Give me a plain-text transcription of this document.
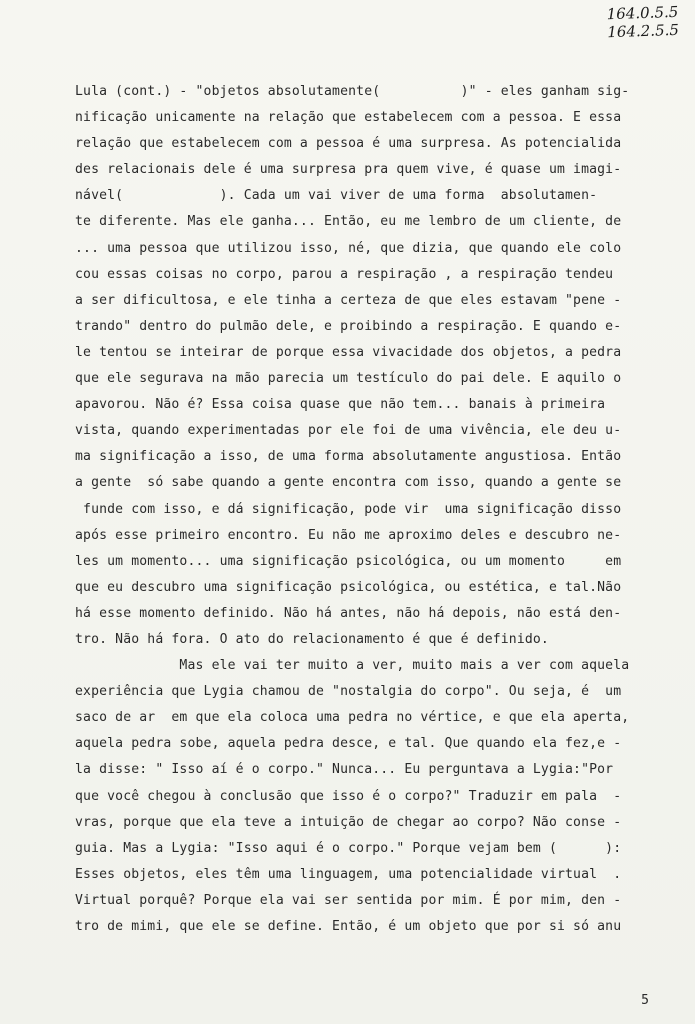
164.0.5.5
164.2.5.5
Lula (cont.) - "objetos absolutamente(          )" - eles ganham sig-
nificação unicamente na relação que estabelecem com a pessoa. E essa
relação que estabelecem com a pessoa é uma surpresa. As potencialida
des relacionais dele é uma surpresa pra quem vive, é quase um imagi-
nável(            ). Cada um vai viver de uma forma  absolutamen-
te diferente. Mas ele ganha... Então, eu me lembro de um cliente, de
... uma pessoa que utilizou isso, né, que dizia, que quando ele colo
cou essas coisas no corpo, parou a respiração , a respiração tendeu
a ser dificultosa, e ele tinha a certeza de que eles estavam "pene -
trando" dentro do pulmão dele, e proibindo a respiração. E quando e-
le tentou se inteirar de porque essa vivacidade dos objetos, a pedra
que ele segurava na mão parecia um testículo do pai dele. E aquilo o
apavorou. Não é? Essa coisa quase que não tem... banais à primeira
vista, quando experimentadas por ele foi de uma vivência, ele deu u-
ma significação a isso, de uma forma absolutamente angustiosa. Então
a gente  só sabe quando a gente encontra com isso, quando a gente se
funde com isso, e dá significação, pode vir  uma significação disso
após esse primeiro encontro. Eu não me aproximo deles e descubro ne-
les um momento... uma significação psicológica, ou um momento     em
que eu descubro uma significação psicológica, ou estética, e tal.Não
há esse momento definido. Não há antes, não há depois, não está den-
tro. Não há fora. O ato do relacionamento é que é definido.
Mas ele vai ter muito a ver, muito mais a ver com aquela
experiência que Lygia chamou de "nostalgia do corpo". Ou seja, é  um
saco de ar  em que ela coloca uma pedra no vértice, e que ela aperta,
aquela pedra sobe, aquela pedra desce, e tal. Que quando ela fez,e -
la disse: " Isso aí é o corpo." Nunca... Eu perguntava a Lygia:"Por
que você chegou à conclusão que isso é o corpo?" Traduzir em pala  -
vras, porque que ela teve a intuição de chegar ao corpo? Não conse -
guia. Mas a Lygia: "Isso aqui é o corpo." Porque vejam bem (      ):
Esses objetos, eles têm uma linguagem, uma potencialidade virtual  .
Virtual porquê? Porque ela vai ser sentida por mim. É por mim, den -
tro de mimi, que ele se define. Então, é um objeto que por si só anu
5
